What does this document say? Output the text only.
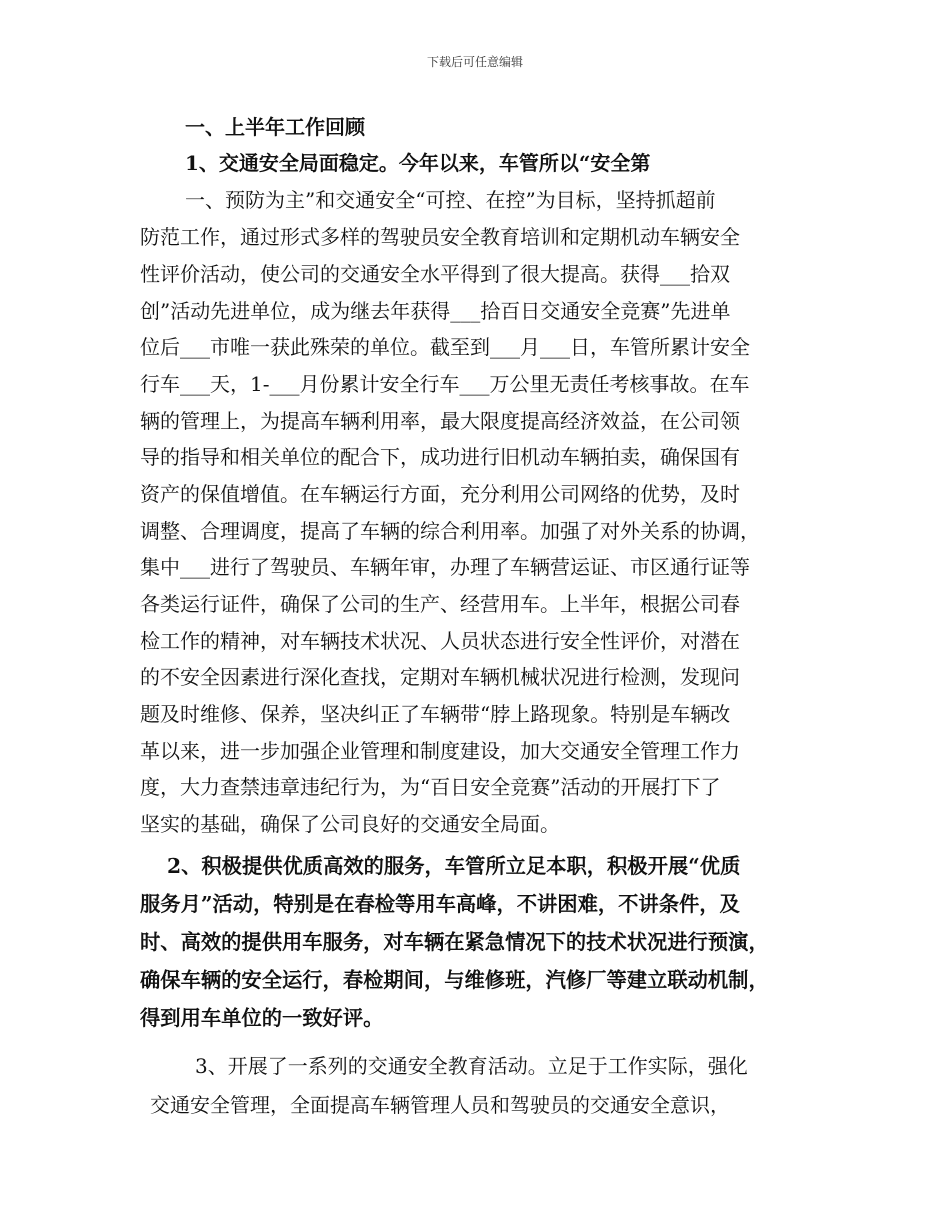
下载后可任意编辑
一、上半年工作回顾
1、交通安全局面稳定。今年以来，车管所以“安全第
一、预防为主”和交通安全“可控、在控”为目标，坚持抓超前
防范工作，通过形式多样的驾驶员安全教育培训和定期机动车辆安全
性评价活动，使公司的交通安全水平得到了很大提高。获得___拾双
创”活动先进单位，成为继去年获得___拾百日交通安全竞赛”先进单
位后___市唯一获此殊荣的单位。截至到___月___日，车管所累计安全
行车___天，1-___月份累计安全行车___万公里无责任考核事故。在车
辆的管理上，为提高车辆利用率，最大限度提高经济效益，在公司领
导的指导和相关单位的配合下，成功进行旧机动车辆拍卖，确保国有
资产的保值增值。在车辆运行方面，充分利用公司网络的优势，及时
调整、合理调度，提高了车辆的综合利用率。加强了对外关系的协调，
集中___进行了驾驶员、车辆年审，办理了车辆营运证、市区通行证等
各类运行证件，确保了公司的生产、经营用车。上半年，根据公司春
检工作的精神，对车辆技术状况、人员状态进行安全性评价，对潜在
的不安全因素进行深化查找，定期对车辆机械状况进行检测，发现问
题及时维修、保养，坚决纠正了车辆带“脖上路现象。特别是车辆改
革以来，进一步加强企业管理和制度建设，加大交通安全管理工作力
度，大力查禁违章违纪行为，为“百日安全竞赛”活动的开展打下了
坚实的基础，确保了公司良好的交通安全局面。
2、积极提供优质高效的服务，车管所立足本职，积极开展“优质
服务月”活动，特别是在春检等用车高峰，不讲困难，不讲条件，及
时、高效的提供用车服务，对车辆在紧急情况下的技术状况进行预演，
确保车辆的安全运行，春检期间，与维修班，汽修厂等建立联动机制，
得到用车单位的一致好评。
3、开展了一系列的交通安全教育活动。立足于工作实际，强化
交通安全管理，全面提高车辆管理人员和驾驶员的交通安全意识，
